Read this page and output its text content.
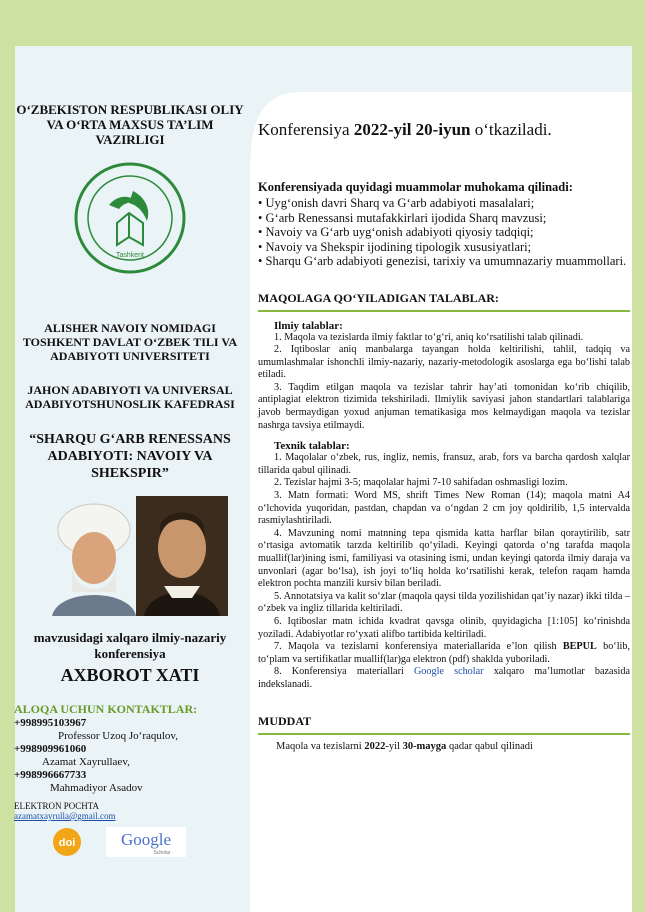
O‘ZBEKISTON RESPUBLIKASI OLIY VA O‘RTA MAXSUS TA’LIM VAZIRLIGI
Tashkent
ALISHER NAVOIY NOMIDAGI TOSHKENT DAVLAT O‘ZBEK TILI VA ADABIYOTI UNIVERSITETI
JAHON ADABIYOTI VA UNIVERSAL ADABIYOTSHUNOSLIK KAFEDRASI
“SHARQU G‘ARB RENESSANS ADABIYOTI: NAVOIY VA SHEKSPIR”
mavzusidagi xalqaro ilmiy-nazariy konferensiya
AXBOROT XATI
ALOQA UCHUN KONTAKTLAR:
+998995103967
Professor Uzoq Jo‘raqulov,
+998909961060
Azamat Xayrullaev,
+998996667733
Mahmadiyor Asadov
ELEKTRON POCHTA
azamatxayrulla@gmail.com
doi	Google
Scholar
Konferensiya 2022-yil 20-iyun o‘tkaziladi.
Konferensiyada quyidagi muammolar muhokama qilinadi:
• Uyg‘onish davri Sharq va G‘arb adabiyoti masalalari;
• G‘arb Renessansi mutafakkirlari ijodida Sharq mavzusi;
• Navoiy va G‘arb uyg‘onish adabiyoti qiyosiy tadqiqi;
• Navoiy va Shekspir ijodining tipologik xususiyatlari;
• Sharqu G‘arb adabiyoti genezisi, tarixiy va umumnazariy muammollari.
MAQOLAGA QO‘YILADIGAN TALABLAR:
Ilmiy talablar:

1. Maqola va tezislarda ilmiy faktlar to‘g‘ri, aniq ko‘rsatilishi talab qilinadi.

2. Iqtiboslar aniq manbalarga tayangan holda keltirilishi, tahlil, tadqiq va umumlashmalar ishonchli ilmiy-nazariy, nazariy-metodologik asoslarga ega bo‘lishi talab etiladi.

3. Taqdim etilgan maqola va tezislar tahrir hay’ati tomonidan ko‘rib chiqilib, antiplagiat elektron tizimida tekshiriladi. Ilmiylik saviyasi jahon standartlari talablariga javob bermaydigan yoxud anjuman tematikasiga mos kelmaydigan maqola va tezislar nashrga tavsiya etilmaydi.

Texnik talablar:

1. Maqolalar o‘zbek, rus, ingliz, nemis, fransuz, arab, fors va barcha qardosh xalqlar tillarida qabul qilinadi.

2. Tezislar hajmi 3-5; maqolalar hajmi 7-10 sahifadan oshmasligi lozim.

3. Matn formati: Word MS, shrift Times New Roman (14); maqola matni A4 o‘lchovida yuqoridan, pastdan, chapdan va o‘ngdan 2 cm joy qoldirilib, 1,5 intervalda rasmiylashtiriladi.

4. Mavzuning nomi matnning tepa qismida katta harflar bilan qoraytirilib, satr o‘rtasiga avtomatik tarzda keltirilib qo‘yiladi. Keyingi qatorda o‘ng tarafda maqola muallif(lar)ining ismi, familiyasi va otasining ismi, undan keyingi qatorda ilmiy daraja va unvonlari (agar bo‘lsa), ish joyi to‘liq holda ko‘rsatilishi kerak, telefon raqam hamda elektron pochta manzili kursiv bilan beriladi.

5. Annotatsiya va kalit so‘zlar (maqola qaysi tilda yozilishidan qat’iy nazar) ikki tilda – o‘zbek va ingliz tillarida keltiriladi.

6. Iqtiboslar matn ichida kvadrat qavsga olinib, quyidagicha [1:105] ko‘rinishda yoziladi. Adabiyotlar ro‘yxati alifbo tartibida keltiriladi.

7. Maqola va tezislarni konferensiya materiallarida e’lon qilish BEPUL bo‘lib, to‘plam va sertifikatlar muallif(lar)ga elektron (pdf) shaklda yuboriladi.

8. Konferensiya materiallari Google scholar xalqaro ma’lumotlar bazasida indekslanadi.

MUDDAT
Maqola va tezislarni 2022-yil 30-mayga qadar qabul qilinadi
